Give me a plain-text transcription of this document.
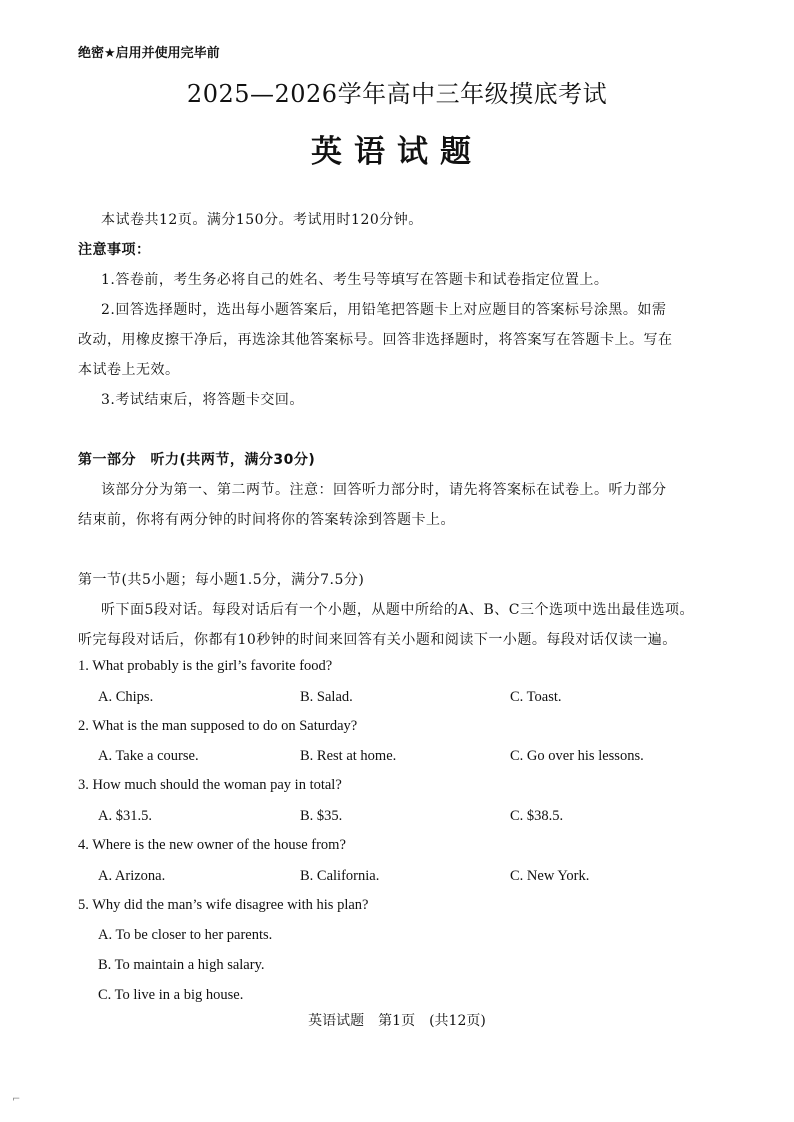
绝密★启用并使用完毕前
2025—2026学年高中三年级摸底考试
英语试题
本试卷共12页。满分150分。考试用时120分钟。
注意事项：
1.答卷前，考生务必将自己的姓名、考生号等填写在答题卡和试卷指定位置上。
2.回答选择题时，选出每小题答案后，用铅笔把答题卡上对应题目的答案标号涂黑。如需
改动，用橡皮擦干净后，再选涂其他答案标号。回答非选择题时，将答案写在答题卡上。写在
本试卷上无效。
3.考试结束后，将答题卡交回。
第一部分　听力(共两节，满分30分)
该部分分为第一、第二两节。注意：回答听力部分时，请先将答案标在试卷上。听力部分
结束前，你将有两分钟的时间将你的答案转涂到答题卡上。
第一节(共5小题；每小题1.5分，满分7.5分)
听下面5段对话。每段对话后有一个小题，从题中所给的A、B、C三个选项中选出最佳选项。
听完每段对话后，你都有10秒钟的时间来回答有关小题和阅读下一小题。每段对话仅读一遍。
1. What probably is the girl’s favorite food?
A. Chips.	B. Salad.	C. Toast.
2. What is the man supposed to do on Saturday?
A. Take a course.	B. Rest at home.	C. Go over his lessons.
3. How much should the woman pay in total?
A. $31.5.	B. $35.	C. $38.5.
4. Where is the new owner of the house from?
A. Arizona.	B. California.	C. New York.
5. Why did the man’s wife disagree with his plan?
A. To be closer to her parents.
B. To maintain a high salary.
C. To live in a big house.
英语试题　第1页　(共12页)
⌐
